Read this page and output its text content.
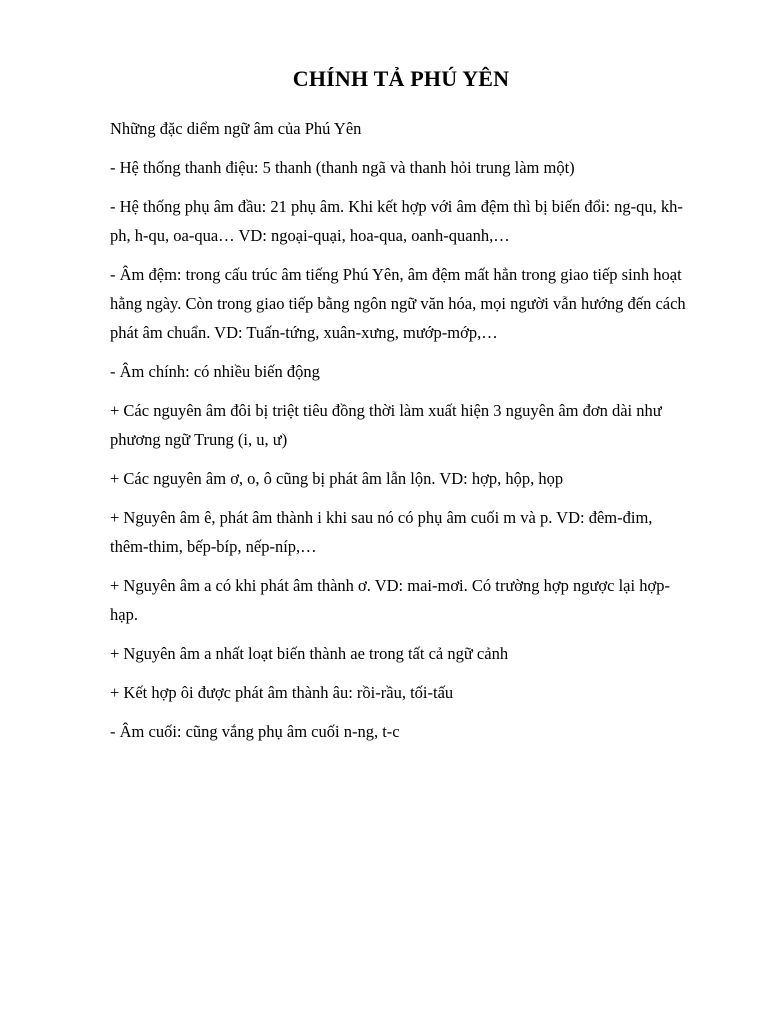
CHÍNH TẢ PHÚ YÊN

Những đặc diểm ngữ âm của Phú Yên

- Hệ thống thanh điệu: 5 thanh (thanh ngã và thanh hỏi trung làm một)

- Hệ thống phụ âm đầu: 21 phụ âm. Khi kết hợp với âm đệm thì bị biến đổi: ng-qu, kh-ph, h-qu, oa-qua… VD: ngoại-quại, hoa-qua, oanh-quanh,…

- Âm đệm: trong cấu trúc âm tiếng Phú Yên, âm đệm mất hẳn trong giao tiếp sinh hoạt hằng ngày. Còn trong giao tiếp bằng ngôn ngữ văn hóa, mọi người vẫn hướng đến cách phát âm chuẩn. VD: Tuấn-tứng, xuân-xưng, mướp-mớp,…

- Âm chính: có nhiều biến động

+ Các nguyên âm đôi bị triệt tiêu đồng thời làm xuất hiện 3 nguyên âm đơn dài như phương ngữ Trung (i, u, ư)

+ Các nguyên âm ơ, o, ô cũng bị phát âm lẫn lộn. VD: hợp, hộp, họp

+ Nguyên âm ê, phát âm thành i khi sau nó có phụ âm cuối m và p. VD: đêm-đim, thêm-thim, bếp-bíp, nếp-níp,…

+ Nguyên âm a có khi phát âm thành ơ. VD: mai-mơi. Có trường hợp ngược lại hợp-hạp.

+ Nguyên âm a nhất loạt biến thành ae trong tất cả ngữ cảnh

+ Kết hợp ôi được phát âm thành âu: rồi-rầu, tối-tấu

- Âm cuối: cũng vắng phụ âm cuối n-ng, t-c
